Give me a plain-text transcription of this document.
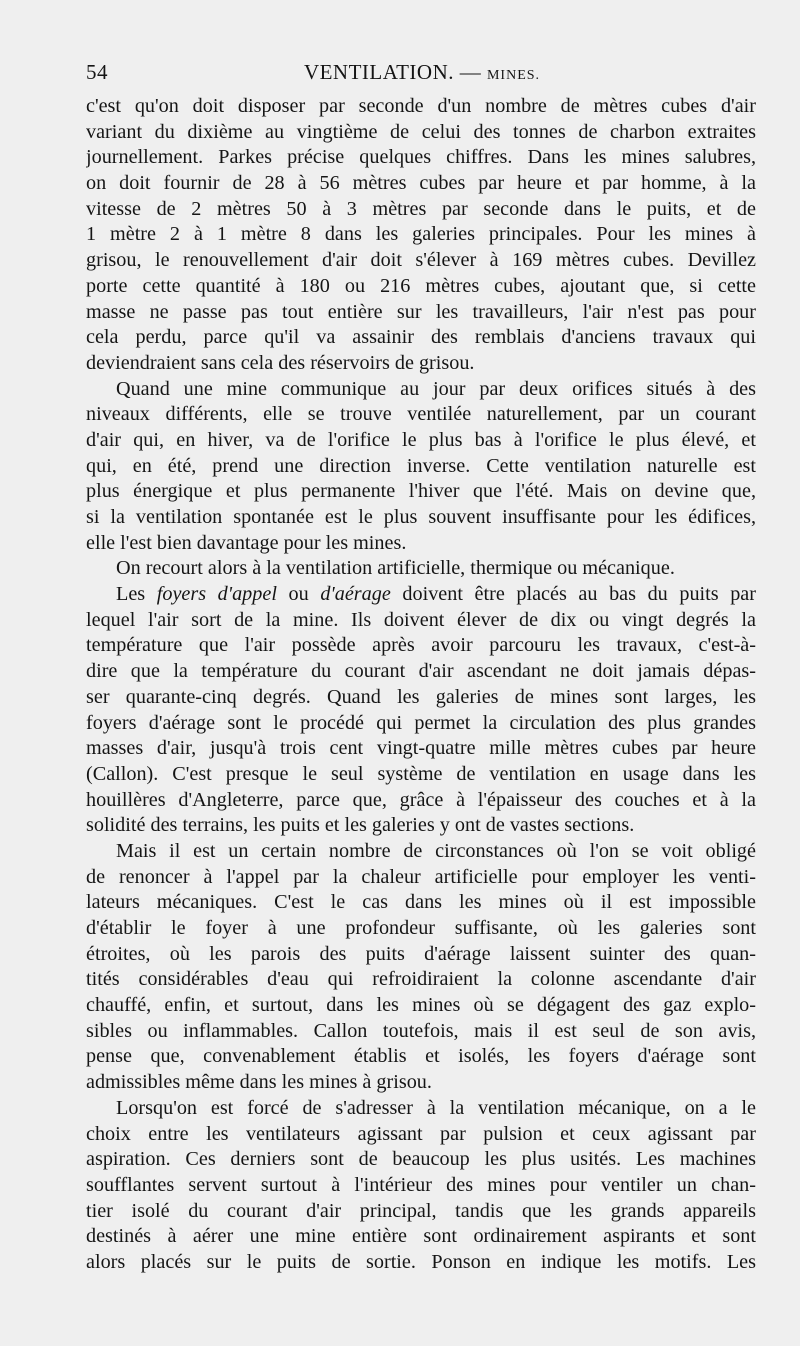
54	VENTILATION. — MINES.
c'est qu'on doit disposer par seconde d'un nombre de mètres cubes d'air
variant du dixième au vingtième de celui des tonnes de charbon extraites
journellement. Parkes précise quelques chiffres. Dans les mines salubres,
on doit fournir de 28 à 56 mètres cubes par heure et par homme, à la
vitesse de 2 mètres 50 à 3 mètres par seconde dans le puits, et de
1 mètre 2 à 1 mètre 8 dans les galeries principales. Pour les mines à
grisou, le renouvellement d'air doit s'élever à 169 mètres cubes. Devillez
porte cette quantité à 180 ou 216 mètres cubes, ajoutant que, si cette
masse ne passe pas tout entière sur les travailleurs, l'air n'est pas pour
cela perdu, parce qu'il va assainir des remblais d'anciens travaux qui
deviendraient sans cela des réservoirs de grisou.
Quand une mine communique au jour par deux orifices situés à des
niveaux différents, elle se trouve ventilée naturellement, par un courant
d'air qui, en hiver, va de l'orifice le plus bas à l'orifice le plus élevé, et
qui, en été, prend une direction inverse. Cette ventilation naturelle est
plus énergique et plus permanente l'hiver que l'été. Mais on devine que,
si la ventilation spontanée est le plus souvent insuffisante pour les édifices,
elle l'est bien davantage pour les mines.
On recourt alors à la ventilation artificielle, thermique ou mécanique.
Les foyers d'appel ou d'aérage doivent être placés au bas du puits par
lequel l'air sort de la mine. Ils doivent élever de dix ou vingt degrés la
température que l'air possède après avoir parcouru les travaux, c'est-à-
dire que la température du courant d'air ascendant ne doit jamais dépas-
ser quarante-cinq degrés. Quand les galeries de mines sont larges, les
foyers d'aérage sont le procédé qui permet la circulation des plus grandes
masses d'air, jusqu'à trois cent vingt-quatre mille mètres cubes par heure
(Callon). C'est presque le seul système de ventilation en usage dans les
houillères d'Angleterre, parce que, grâce à l'épaisseur des couches et à la
solidité des terrains, les puits et les galeries y ont de vastes sections.
Mais il est un certain nombre de circonstances où l'on se voit obligé
de renoncer à l'appel par la chaleur artificielle pour employer les venti-
lateurs mécaniques. C'est le cas dans les mines où il est impossible
d'établir le foyer à une profondeur suffisante, où les galeries sont
étroites, où les parois des puits d'aérage laissent suinter des quan-
tités considérables d'eau qui refroidiraient la colonne ascendante d'air
chauffé, enfin, et surtout, dans les mines où se dégagent des gaz explo-
sibles ou inflammables. Callon toutefois, mais il est seul de son avis,
pense que, convenablement établis et isolés, les foyers d'aérage sont
admissibles même dans les mines à grisou.
Lorsqu'on est forcé de s'adresser à la ventilation mécanique, on a le
choix entre les ventilateurs agissant par pulsion et ceux agissant par
aspiration. Ces derniers sont de beaucoup les plus usités. Les machines
soufflantes servent surtout à l'intérieur des mines pour ventiler un chan-
tier isolé du courant d'air principal, tandis que les grands appareils
destinés à aérer une mine entière sont ordinairement aspirants et sont
alors placés sur le puits de sortie. Ponson en indique les motifs. Les
